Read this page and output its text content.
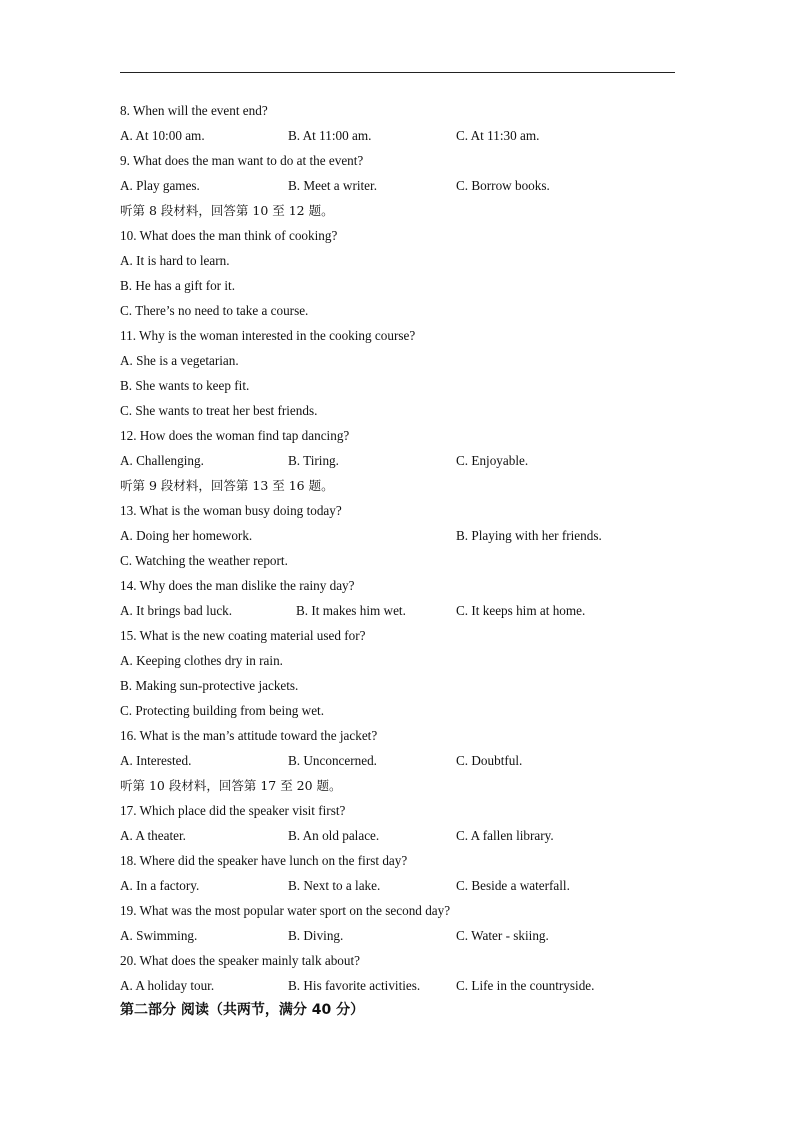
8. When will the event end?
A. At 10:00 am.	B. At 11:00 am.	C. At 11:30 am.
9. What does the man want to do at the event?
A. Play games.	B. Meet a writer.	C. Borrow books.
听第 8 段材料，回答第 10 至 12 题。
10. What does the man think of cooking?
A. It is hard to learn.
B. He has a gift for it.
C. There’s no need to take a course.
11. Why is the woman interested in the cooking course?
A. She is a vegetarian.
B. She wants to keep fit.
C. She wants to treat her best friends.
12. How does the woman find tap dancing?
A. Challenging.	B. Tiring.	C. Enjoyable.
听第 9 段材料，回答第 13 至 16 题。
13. What is the woman busy doing today?
A. Doing her homework.	B. Playing with her friends.
C. Watching the weather report.
14. Why does the man dislike the rainy day?
A. It brings bad luck.	B. It makes him wet.	C. It keeps him at home.
15. What is the new coating material used for?
A. Keeping clothes dry in rain.
B. Making sun-protective jackets.
C. Protecting building from being wet.
16. What is the man’s attitude toward the jacket?
A. Interested.	B. Unconcerned.	C. Doubtful.
听第 10 段材料，回答第 17 至 20 题。
17. Which place did the speaker visit first?
A. A theater.	B. An old palace.	C. A fallen library.
18. Where did the speaker have lunch on the first day?
A. In a factory.	B. Next to a lake.	C. Beside a waterfall.
19. What was the most popular water sport on the second day?
A. Swimming.	B. Diving.	C. Water - skiing.
20. What does the speaker mainly talk about?
A. A holiday tour.	B. His favorite activities.	C. Life in the countryside.
第二部分 阅读（共两节，满分 40 分）
